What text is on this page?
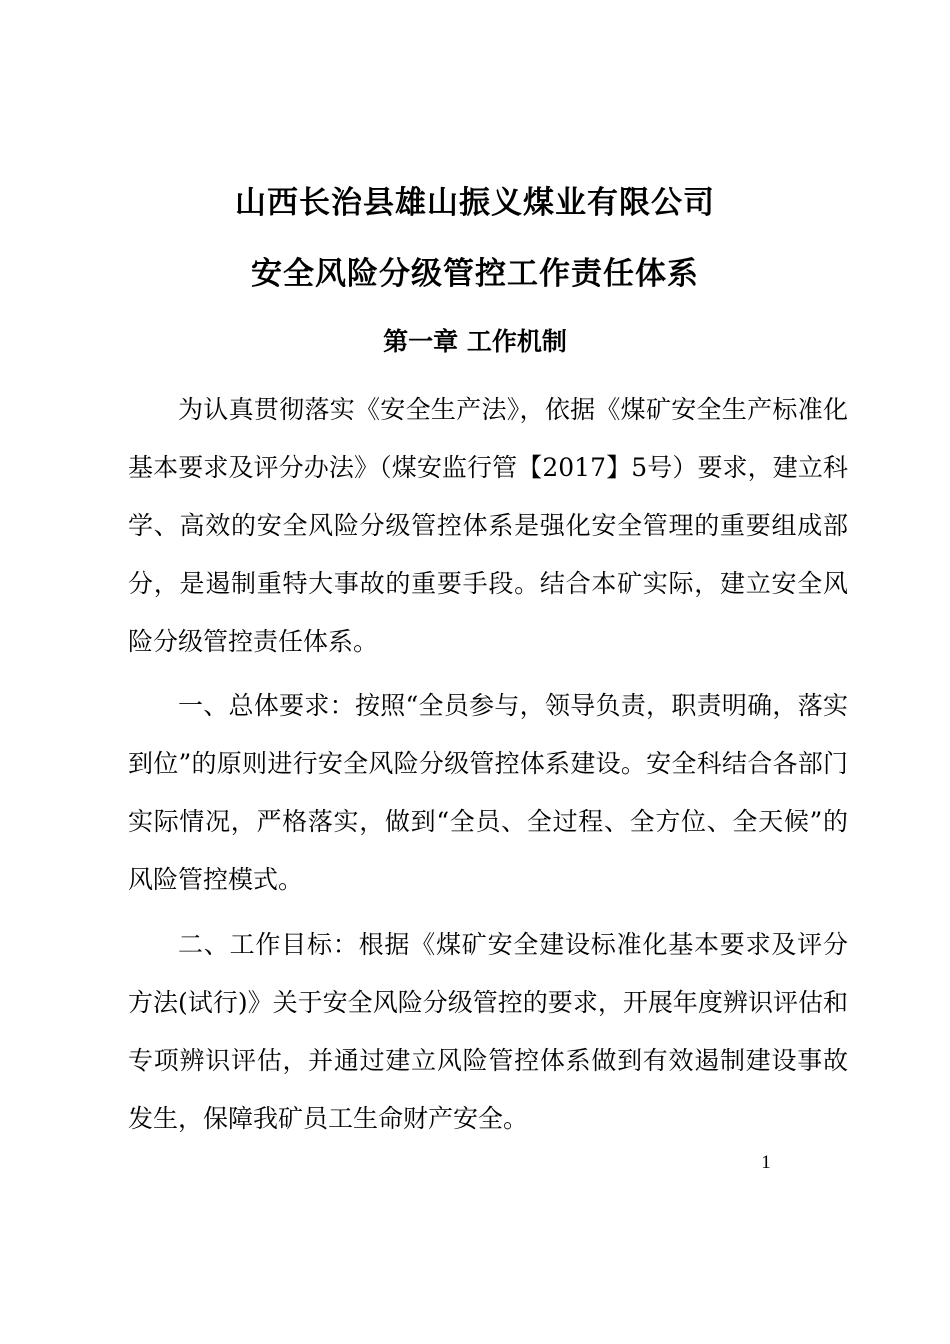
山西长治县雄山振义煤业有限公司
安全风险分级管控工作责任体系
第一章 工作机制

为认真贯彻落实《安全生产法》，依据《煤矿安全生产标准化基本要求及评分办法》（煤安监行管【2017】5号）要求，建立科学、高效的安全风险分级管控体系是强化安全管理的重要组成部分，是遏制重特大事故的重要手段。结合本矿实际，建立安全风险分级管控责任体系。

一、总体要求：按照“全员参与，领导负责，职责明确，落实到位”的原则进行安全风险分级管控体系建设。安全科结合各部门实际情况，严格落实，做到“全员、全过程、全方位、全天候”的风险管控模式。

二、工作目标：根据《煤矿安全建设标准化基本要求及评分方法(试行)》关于安全风险分级管控的要求，开展年度辨识评估和专项辨识评估，并通过建立风险管控体系做到有效遏制建设事故发生，保障我矿员工生命财产安全。

1
